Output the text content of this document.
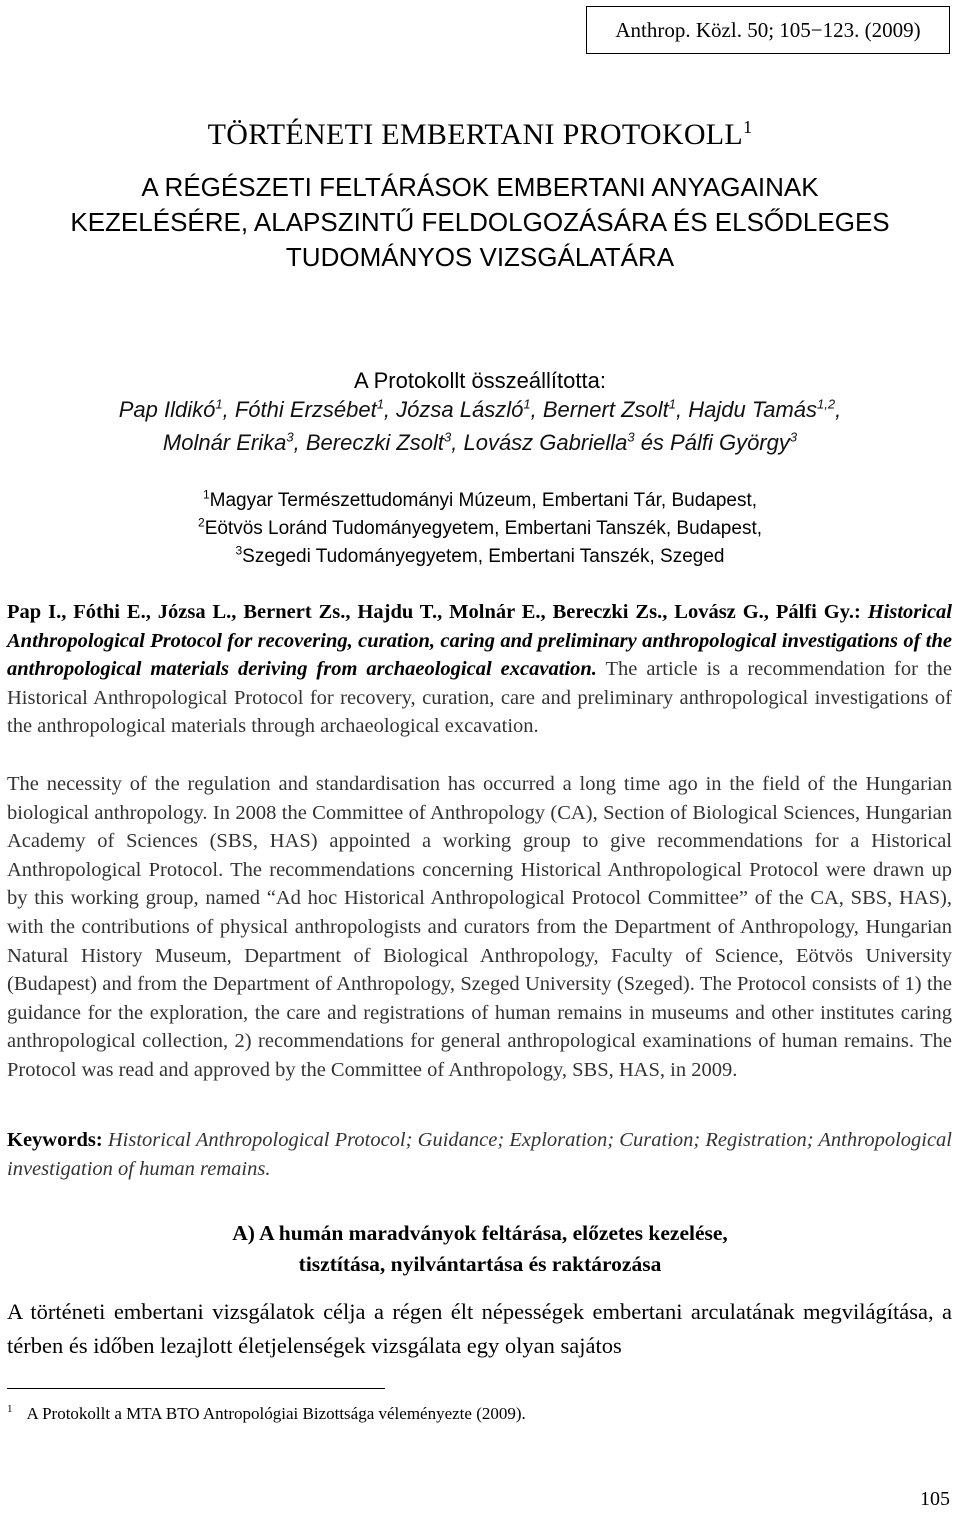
Anthrop. Közl. 50; 105−123. (2009)
TÖRTÉNETI EMBERTANI PROTOKOLL$^1$
A RÉGÉSZETI FELTÁRÁSOK EMBERTANI ANYAGAINAK
KEZELÉSÉRE, ALAPSZINTŰ FELDOLGOZÁSÁRA ÉS ELSŐDLEGES
TUDOMÁNYOS VIZSGÁLATÁRA
A Protokollt összeállította:
Pap Ildikó$^1$, Fóthi Erzsébet$^1$, Józsa László$^1$, Bernert Zsolt$^1$, Hajdu Tamás$^{1,2}$,
Molnár Erika$^3$, Bereczki Zsolt$^3$, Lovász Gabriella$^3$ és Pálfi György$^3$
$^1$Magyar Természettudományi Múzeum, Embertani Tár, Budapest,
$^2$Eötvös Loránd Tudományegyetem, Embertani Tanszék, Budapest,
$^3$Szegedi Tudományegyetem, Embertani Tanszék, Szeged
Pap I., Fóthi E., Józsa L., Bernert Zs., Hajdu T., Molnár E., Bereczki Zs., Lovász G., Pálfi Gy.: Historical Anthropological Protocol for recovering, curation, caring and preliminary anthropological investigations of the anthropological materials deriving from archaeological excavation. The article is a recommendation for the Historical Anthropological Protocol for recovery, curation, care and preliminary anthropological investigations of the anthropological materials through archaeological excavation.
The necessity of the regulation and standardisation has occurred a long time ago in the field of the Hungarian biological anthropology. In 2008 the Committee of Anthropology (CA), Section of Biological Sciences, Hungarian Academy of Sciences (SBS, HAS) appointed a working group to give recommendations for a Historical Anthropological Protocol. The recommendations concerning Historical Anthropological Protocol were drawn up by this working group, named “Ad hoc Historical Anthropological Protocol Committee” of the CA, SBS, HAS), with the contributions of physical anthropologists and curators from the Department of Anthropology, Hungarian Natural History Museum, Department of Biological Anthropology, Faculty of Science, Eötvös University (Budapest) and from the Department of Anthropology, Szeged University (Szeged). The Protocol consists of 1) the guidance for the exploration, the care and registrations of human remains in museums and other institutes caring anthropological collection, 2) recommendations for general anthropological examinations of human remains. The Protocol was read and approved by the Committee of Anthropology, SBS, HAS, in 2009.
Keywords: Historical Anthropological Protocol; Guidance; Exploration; Curation; Registration; Anthropological investigation of human remains.
A) A humán maradványok feltárása, előzetes kezelése,
tisztítása, nyilvántartása és raktározása
A történeti embertani vizsgálatok célja a régen élt népességek embertani arculatának megvilágítása, a térben és időben lezajlott életjelenségek vizsgálata egy olyan sajátos
$^1$ A Protokollt a MTA BTO Antropológiai Bizottsága véleményezte (2009).
105
